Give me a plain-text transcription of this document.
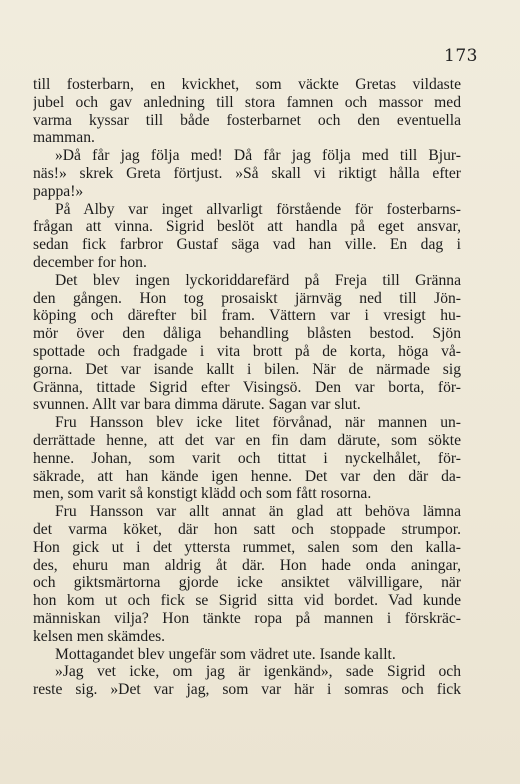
173
till fosterbarn, en kvickhet, som väckte Gretas vildaste
jubel och gav anledning till stora famnen och massor med
varma kyssar till både fosterbarnet och den eventuella
mamman.
»Då får jag följa med! Då får jag följa med till Bjur-
näs!» skrek Greta förtjust. »Så skall vi riktigt hålla efter
pappa!»
På Alby var inget allvarligt förstående för fosterbarns-
frågan att vinna. Sigrid beslöt att handla på eget ansvar,
sedan fick farbror Gustaf säga vad han ville. En dag i
december for hon.
Det blev ingen lyckoriddarefärd på Freja till Gränna
den gången. Hon tog prosaiskt järnväg ned till Jön-
köping och därefter bil fram. Vättern var i vresigt hu-
mör över den dåliga behandling blåsten bestod. Sjön
spottade och fradgade i vita brott på de korta, höga vå-
gorna. Det var isande kallt i bilen. När de närmade sig
Gränna, tittade Sigrid efter Visingsö. Den var borta, för-
svunnen. Allt var bara dimma därute. Sagan var slut.
Fru Hansson blev icke litet förvånad, när mannen un-
derrättade henne, att det var en fin dam därute, som sökte
henne. Johan, som varit och tittat i nyckelhålet, för-
säkrade, att han kände igen henne. Det var den där da-
men, som varit så konstigt klädd och som fått rosorna.
Fru Hansson var allt annat än glad att behöva lämna
det varma köket, där hon satt och stoppade strumpor.
Hon gick ut i det yttersta rummet, salen som den kalla-
des, ehuru man aldrig åt där. Hon hade onda aningar,
och giktsmärtorna gjorde icke ansiktet välvilligare, när
hon kom ut och fick se Sigrid sitta vid bordet. Vad kunde
människan vilja? Hon tänkte ropa på mannen i förskräc-
kelsen men skämdes.
Mottagandet blev ungefär som vädret ute. Isande kallt.
»Jag vet icke, om jag är igenkänd», sade Sigrid och
reste sig. »Det var jag, som var här i somras och fick
